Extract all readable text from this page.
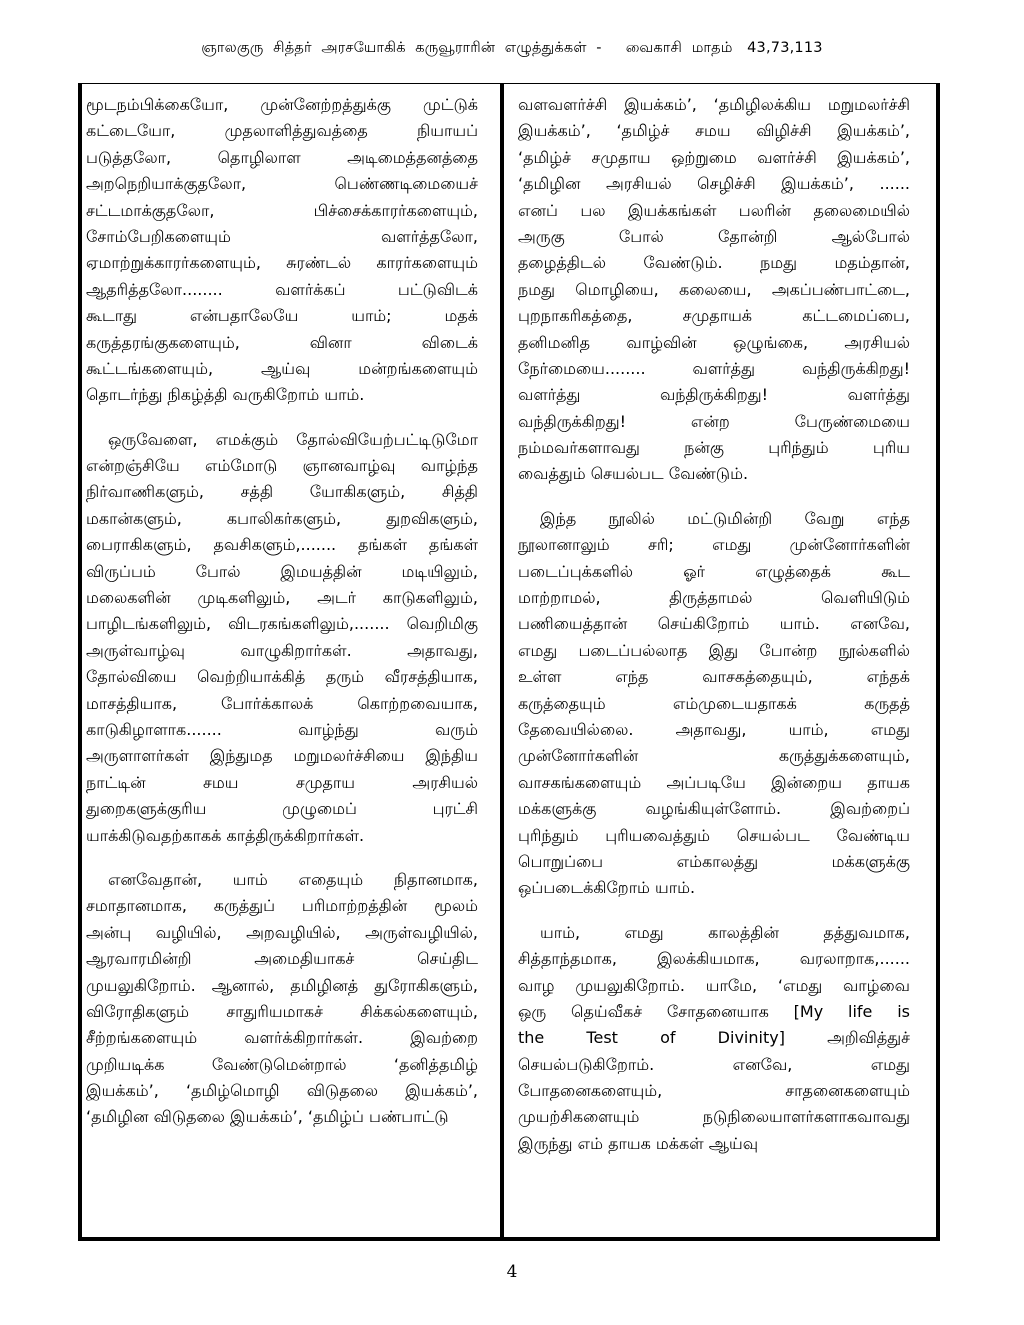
ஞாலகுரு  சித்தர்  அரசயோகிக்  கருவூராரின்  எழுத்துக்கள்  -     வைகாசி  மாதம்   43,73,113
மூடநம்பிக்கையோ, முன்னேற்றத்துக்கு முட்டுக்
கட்டையோ, முதலாளித்துவத்தை நியாயப்
படுத்தலோ, தொழிலாள அடிமைத்தனத்தை
அறநெறியாக்குதலோ, பெண்ணடிமையைச்
சட்டமாக்குதலோ, பிச்சைக்காரர்களையும்,
சோம்பேறிகளையும் வளர்த்தலோ,
ஏமாற்றுக்காரர்களையும், சுரண்டல் காரர்களையும்
ஆதரித்தலோ........ வளர்க்கப் பட்டுவிடக்
கூடாது என்பதாலேயே யாம்; மதக்
கருத்தரங்குகளையும், வினா விடைக்
கூட்டங்களையும், ஆய்வு மன்றங்களையும்
தொடர்ந்து நிகழ்த்தி வருகிறோம் யாம்.
ஒருவேளை, எமக்கும் தோல்வியேற்பட்டிடுமோ
என்றஞ்சியே எம்மோடு ஞானவாழ்வு வாழ்ந்த
நிர்வாணிகளும், சத்தி யோகிகளும், சித்தி
மகான்களும், கபாலிகர்களும், துறவிகளும்,
பைராகிகளும், தவசிகளும்,....... தங்கள் தங்கள்
விருப்பம் போல் இமயத்தின் மடியிலும்,
மலைகளின் முடிகளிலும், அடர் காடுகளிலும்,
பாழிடங்களிலும், விடரகங்களிலும்,....... வெறிமிகு
அருள்வாழ்வு வாழுகிறார்கள். அதாவது,
தோல்வியை வெற்றியாக்கித் தரும் வீரசத்தியாக,
மாசத்தியாக, போர்க்காலக் கொற்றவையாக,
காடுகிழாளாக....... வாழ்ந்து வரும்
அருளாளர்கள் இந்துமத மறுமலர்ச்சியை இந்திய
நாட்டின் சமய சமுதாய அரசியல்
துறைகளுக்குரிய முழுமைப் புரட்சி
யாக்கிடுவதற்காகக் காத்திருக்கிறார்கள்.
எனவேதான், யாம் எதையும் நிதானமாக,
சமாதானமாக, கருத்துப் பரிமாற்றத்தின் மூலம்
அன்பு வழியில், அறவழியில், அருள்வழியில்,
ஆரவாரமின்றி அமைதியாகச் செய்திட
முயலுகிறோம். ஆனால், தமிழினத் துரோகிகளும்,
விரோதிகளும் சாதுரியமாகச் சிக்கல்களையும்,
சீற்றங்களையும் வளர்க்கிறார்கள். இவற்றை
முறியடிக்க வேண்டுமென்றால் ‘தனித்தமிழ்
இயக்கம்’, ‘தமிழ்மொழி விடுதலை இயக்கம்’,
‘தமிழின விடுதலை இயக்கம்’, ‘தமிழ்ப் பண்பாட்டு
வளவளர்ச்சி இயக்கம்’, ‘தமிழிலக்கிய மறுமலர்ச்சி
இயக்கம்’, ‘தமிழ்ச் சமய விழிச்சி இயக்கம்’,
‘தமிழ்ச் சமுதாய ஒற்றுமை வளர்ச்சி இயக்கம்’,
‘தமிழின அரசியல் செழிச்சி இயக்கம்’, ......
எனப் பல இயக்கங்கள் பலரின் தலைமையில்
அருகு போல் தோன்றி ஆல்போல்
தழைத்திடல் வேண்டும். நமது மதம்தான்,
நமது மொழியை, கலையை, அகப்பண்பாட்டை,
புறநாகரிகத்தை, சமுதாயக் கட்டமைப்பை,
தனிமனித வாழ்வின் ஒழுங்கை, அரசியல்
நேர்மையை........ வளர்த்து வந்திருக்கிறது!
வளர்த்து வந்திருக்கிறது! வளர்த்து
வந்திருக்கிறது! என்ற பேருண்மையை
நம்மவர்களாவது நன்கு புரிந்தும் புரிய
வைத்தும் செயல்பட வேண்டும்.
இந்த நூலில் மட்டுமின்றி வேறு எந்த
நூலானாலும் சரி; எமது முன்னோர்களின்
படைப்புக்களில் ஓர் எழுத்தைக் கூட
மாற்றாமல், திருத்தாமல் வெளியிடும்
பணியைத்தான் செய்கிறோம் யாம். எனவே,
எமது படைப்பல்லாத இது போன்ற நூல்களில்
உள்ள எந்த வாசகத்தையும், எந்தக்
கருத்தையும் எம்முடையதாகக் கருதத்
தேவையில்லை. அதாவது, யாம், எமது
முன்னோர்களின் கருத்துக்களையும்,
வாசகங்களையும் அப்படியே இன்றைய தாயக
மக்களுக்கு வழங்கியுள்ளோம். இவற்றைப்
புரிந்தும் புரியவைத்தும் செயல்பட வேண்டிய
பொறுப்பை எம்காலத்து மக்களுக்கு
ஒப்படைக்கிறோம் யாம்.
யாம், எமது காலத்தின் தத்துவமாக,
சித்தாந்தமாக, இலக்கியமாக, வரலாறாக,......
வாழ முயலுகிறோம். யாமே, ‘எமது வாழ்வை
ஒரு தெய்வீகச் சோதனையாக [My life is
the Test of Divinity] அறிவித்துச்
செயல்படுகிறோம். எனவே, எமது
போதனைகளையும், சாதனைகளையும்
முயற்சிகளையும் நடுநிலையாளர்களாகவாவது
இருந்து எம் தாயக மக்கள் ஆய்வு
4
